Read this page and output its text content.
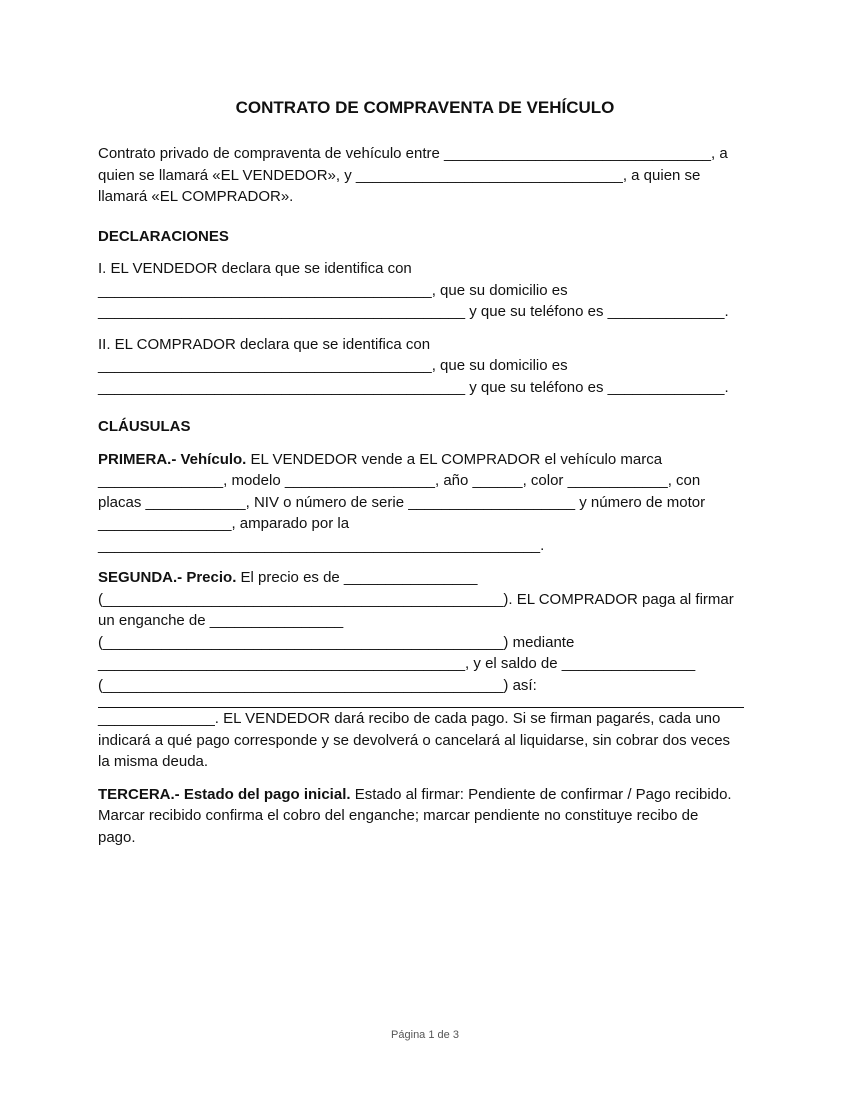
CONTRATO DE COMPRAVENTA DE VEHÍCULO
Contrato privado de compraventa de vehículo entre ________________________________, a
quien se llamará «EL VENDEDOR», y ________________________________, a quien se
llamará «EL COMPRADOR».
DECLARACIONES
I. EL VENDEDOR declara que se identifica con
________________________________________, que su domicilio es
____________________________________________ y que su teléfono es ______________.
II. EL COMPRADOR declara que se identifica con
________________________________________, que su domicilio es
____________________________________________ y que su teléfono es ______________.
CLÁUSULAS
PRIMERA.- Vehículo. EL VENDEDOR vende a EL COMPRADOR el vehículo marca
_______________, modelo __________________, año ______, color ____________, con
placas ____________, NIV o número de serie ____________________ y número de motor
________________, amparado por la
_____________________________________________________.
SEGUNDA.- Precio. El precio es de ________________
(________________________________________________). EL COMPRADOR paga al firmar
un enganche de ________________
(________________________________________________) mediante
____________________________________________, y el saldo de ________________
(________________________________________________) así:
______________. EL VENDEDOR dará recibo de cada pago. Si se firman pagarés, cada uno
indicará a qué pago corresponde y se devolverá o cancelará al liquidarse, sin cobrar dos veces
la misma deuda.
TERCERA.- Estado del pago inicial. Estado al firmar: Pendiente de confirmar / Pago recibido.
Marcar recibido confirma el cobro del enganche; marcar pendiente no constituye recibo de
pago.
Página 1 de 3
